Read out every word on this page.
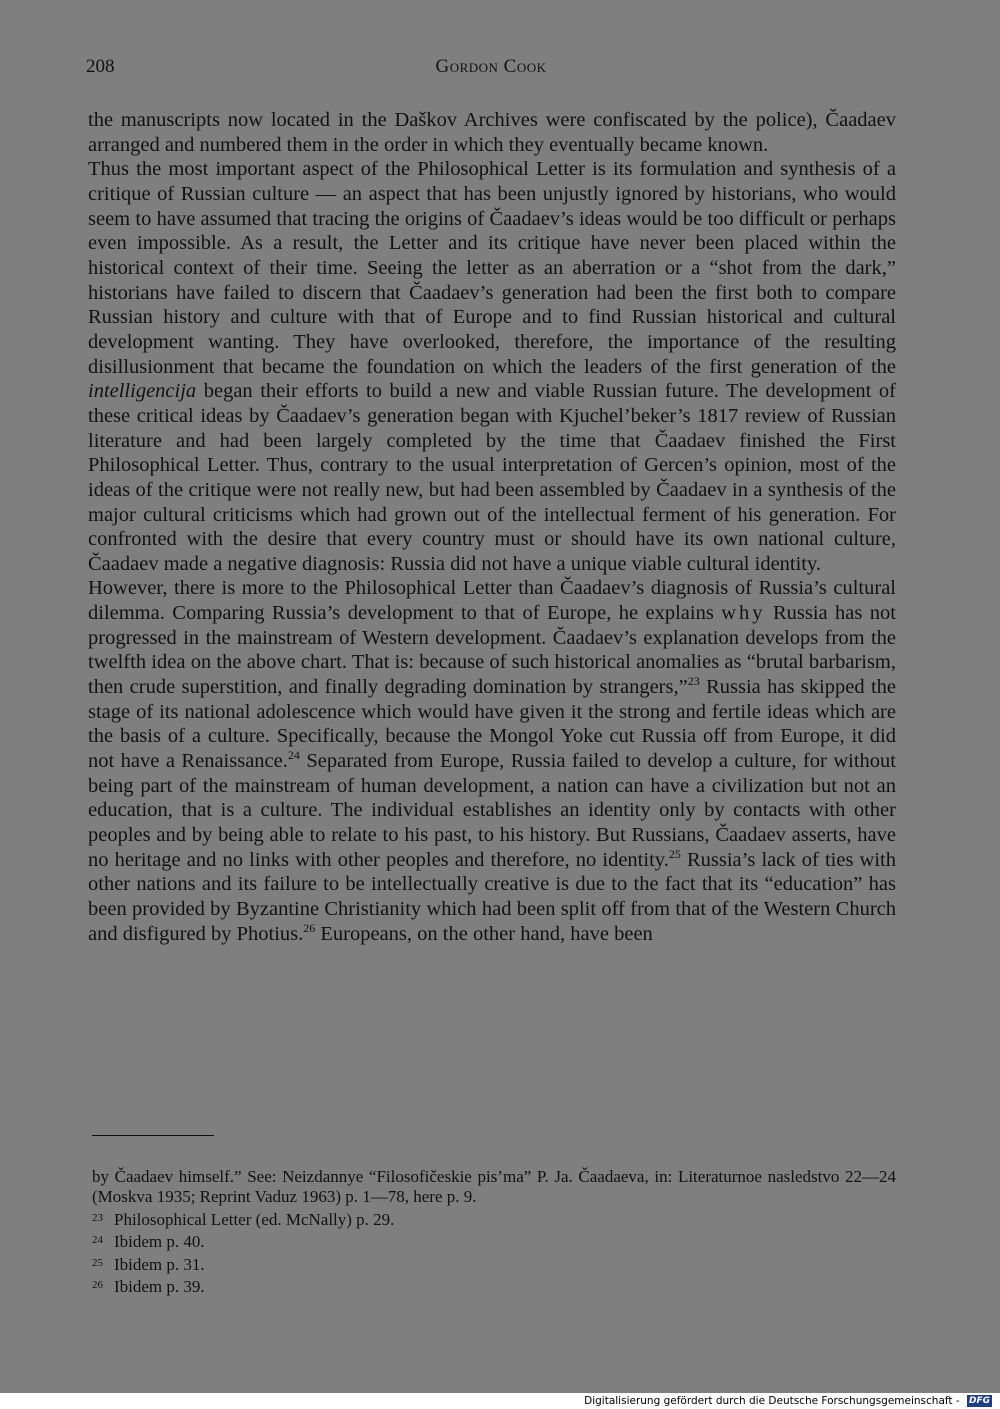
208	Gordon Cook

the manuscripts now located in the Daškov Archives were confiscated by the police), Čaadaev arranged and numbered them in the order in which they eventually became known.

Thus the most important aspect of the Philosophical Letter is its formulation and synthesis of a critique of Russian culture — an aspect that has been unjustly ignored by historians, who would seem to have assumed that tracing the origins of Čaadaev’s ideas would be too difficult or perhaps even impossible. As a result, the Letter and its critique have never been placed within the historical context of their time. Seeing the letter as an aberration or a “shot from the dark,” historians have failed to discern that Čaadaev’s generation had been the first both to compare Russian history and culture with that of Europe and to find Russian historical and cultural development wanting. They have overlooked, therefore, the importance of the resulting disillusionment that became the foundation on which the leaders of the first generation of the intelligencija began their efforts to build a new and viable Russian future. The development of these critical ideas by Čaadaev’s generation began with Kjuchel’beker’s 1817 review of Russian literature and had been largely completed by the time that Čaadaev finished the First Philosophical Letter. Thus, contrary to the usual interpretation of Gercen’s opinion, most of the ideas of the critique were not really new, but had been assembled by Čaadaev in a synthesis of the major cultural criticisms which had grown out of the intellectual ferment of his generation. For confronted with the desire that every country must or should have its own national culture, Čaadaev made a negative diagnosis: Russia did not have a unique viable cultural identity.

However, there is more to the Philosophical Letter than Čaadaev’s diagnosis of Russia’s cultural dilemma. Comparing Russia’s development to that of Europe, he explains why Russia has not progressed in the mainstream of Western development. Čaadaev’s explanation develops from the twelfth idea on the above chart. That is: because of such historical anomalies as “brutal barbarism, then crude superstition, and finally degrading domination by strangers,”$^{23}$ Russia has skipped the stage of its national adolescence which would have given it the strong and fertile ideas which are the basis of a culture. Specifically, because the Mongol Yoke cut Russia off from Europe, it did not have a Renaissance.$^{24}$ Separated from Europe, Russia failed to develop a culture, for without being part of the mainstream of human development, a nation can have a civilization but not an education, that is a culture. The individual establishes an identity only by contacts with other peoples and by being able to relate to his past, to his history. But Russians, Čaadaev asserts, have no heritage and no links with other peoples and therefore, no identity.$^{25}$ Russia’s lack of ties with other nations and its failure to be intellectually creative is due to the fact that its “education” has been provided by Byzantine Christianity which had been split off from that of the Western Church and disfigured by Photius.$^{26}$ Europeans, on the other hand, have been

by Čaadaev himself.” See: Neizdannye “Filosofičeskie pis’ma” P. Ja. Čaadaeva, in: Literaturnoe nasledstvo 22—24 (Moskva 1935; Reprint Vaduz 1963) p. 1—78, here p. 9.

23 Philosophical Letter (ed. McNally) p. 29.

24 Ibidem p. 40.

25 Ibidem p. 31.

26 Ibidem p. 39.

Digitalisierung gefördert durch die Deutsche Forschungsgemeinschaft - DFG
